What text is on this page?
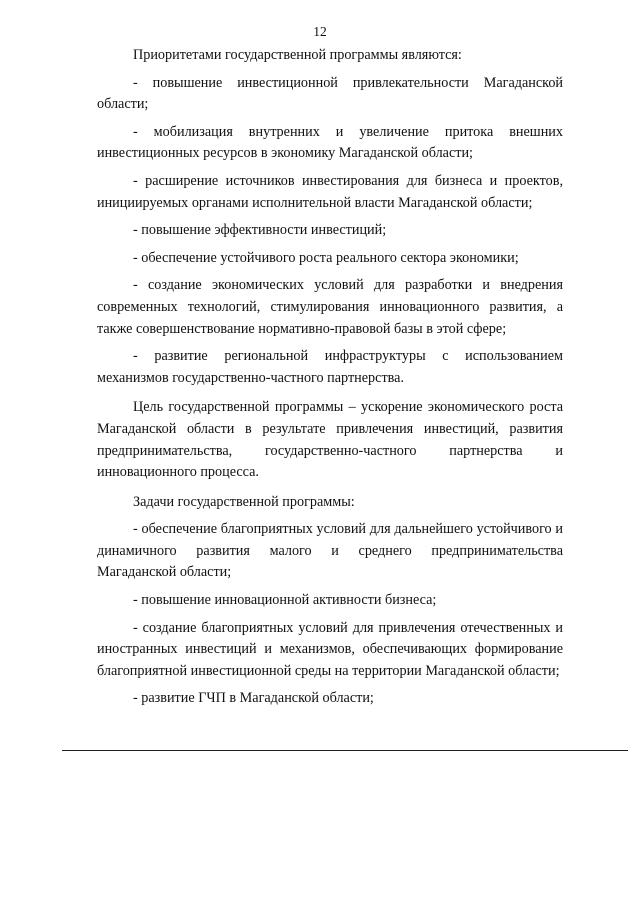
12

Приоритетами государственной программы являются:

- повышение инвестиционной привлекательности Магаданской области;

- мобилизация внутренних и увеличение притока внешних инвестиционных ресурсов в экономику Магаданской области;

- расширение источников инвестирования для бизнеса и проектов, инициируемых органами исполнительной власти Магаданской области;

- повышение эффективности инвестиций;

- обеспечение устойчивого роста реального сектора экономики;

- создание экономических условий для разработки и внедрения современных технологий, стимулирования инновационного развития, а также совершенствование нормативно-правовой базы в этой сфере;

- развитие региональной инфраструктуры с использованием механизмов государственно-частного партнерства.

Цель государственной программы – ускорение экономического роста Магаданской области в результате привлечения инвестиций, развития предпринимательства, государственно-частного партнерства и инновационного процесса.

Задачи государственной программы:

- обеспечение благоприятных условий для дальнейшего устойчивого и динамичного развития малого и среднего предпринимательства Магаданской области;

- повышение инновационной активности бизнеса;

- создание благоприятных условий для привлечения отечественных и иностранных инвестиций и механизмов, обеспечивающих формирование благоприятной инвестиционной среды на территории Магаданской области;

- развитие ГЧП в Магаданской области;
